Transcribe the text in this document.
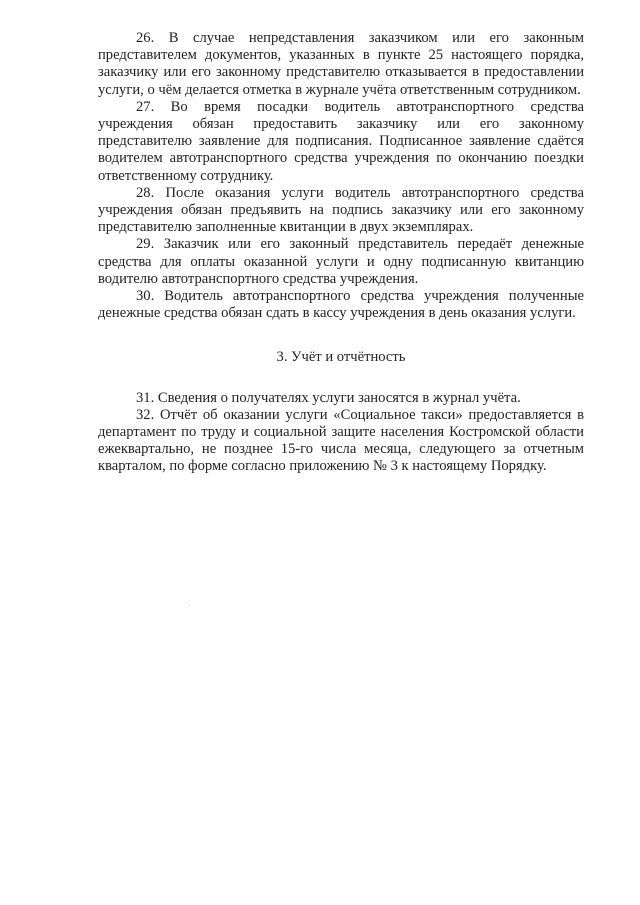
26. В случае непредставления заказчиком или его законным представителем документов, указанных в пункте 25 настоящего порядка, заказчику или его законному представителю отказывается в предоставлении услуги, о чём делается отметка в журнале учёта ответственным сотрудником.

27. Во время посадки водитель автотранспортного средства учреждения обязан предоставить заказчику или его законному представителю заявление для подписания. Подписанное заявление сдаётся водителем автотранспортного средства учреждения по окончанию поездки ответственному сотруднику.

28. После оказания услуги водитель автотранспортного средства учреждения обязан предъявить на подпись заказчику или его законному представителю заполненные квитанции в двух экземплярах.

29. Заказчик или его законный представитель передаёт денежные средства для оплаты оказанной услуги и одну подписанную квитанцию водителю автотранспортного средства учреждения.

30. Водитель автотранспортного средства учреждения полученные денежные средства обязан сдать в кассу учреждения в день оказания услуги.

3. Учёт и отчётность

31. Сведения о получателях услуги заносятся в журнал учёта.

32. Отчёт об оказании услуги «Социальное такси» предоставляется в департамент по труду и социальной защите населения Костромской области ежеквартально, не позднее 15-го числа месяца, следующего за отчетным кварталом, по форме согласно приложению № 3 к настоящему Порядку.
